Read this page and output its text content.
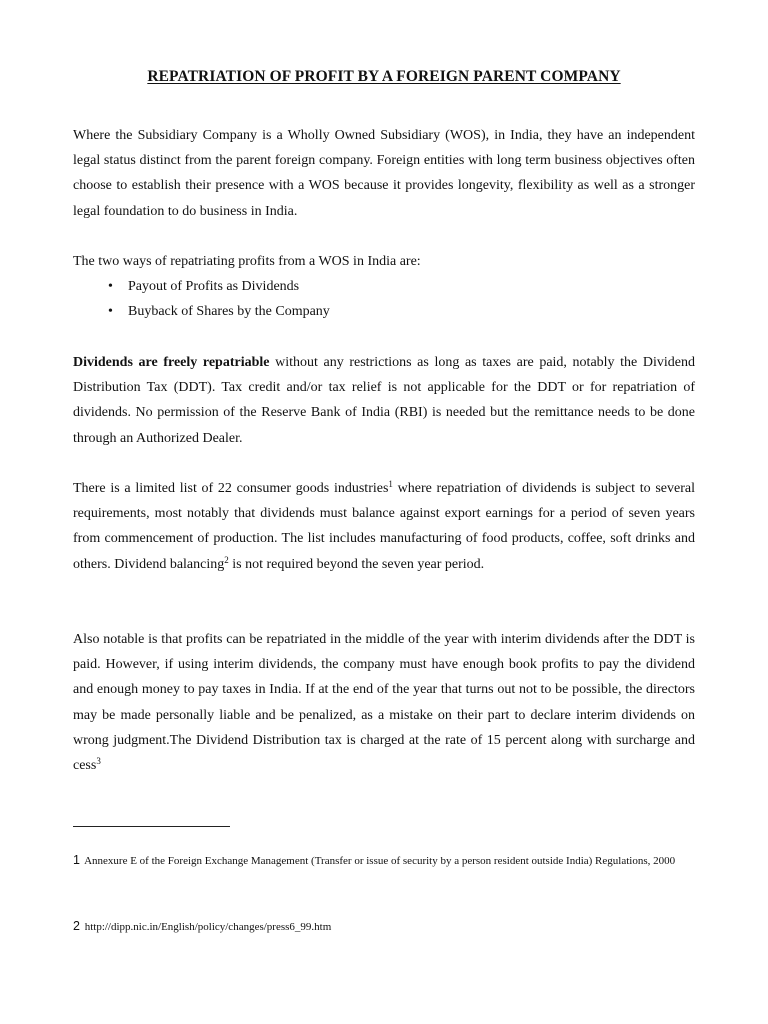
REPATRIATION OF PROFIT BY A FOREIGN PARENT COMPANY

Where the Subsidiary Company is a Wholly Owned Subsidiary (WOS), in India, they have an independent legal status distinct from the parent foreign company. Foreign entities with long term business objectives often choose to establish their presence with a WOS because it provides longevity, flexibility as well as a stronger legal foundation to do business in India.

The two ways of repatriating profits from a WOS in India are:

• Payout of Profits as Dividends
• Buyback of Shares by the Company

Dividends are freely repatriable without any restrictions as long as taxes are paid, notably the Dividend Distribution Tax (DDT). Tax credit and/or tax relief is not applicable for the DDT or for repatriation of dividends. No permission of the Reserve Bank of India (RBI) is needed but the remittance needs to be done through an Authorized Dealer.

There is a limited list of 22 consumer goods industries$^1$ where repatriation of dividends is subject to several requirements, most notably that dividends must balance against export earnings for a period of seven years from commencement of production. The list includes manufacturing of food products, coffee, soft drinks and others. Dividend balancing$^2$ is not required beyond the seven year period.

Also notable is that profits can be repatriated in the middle of the year with interim dividends after the DDT is paid. However, if using interim dividends, the company must have enough book profits to pay the dividend and enough money to pay taxes in India. If at the end of the year that turns out not to be possible, the directors may be made personally liable and be penalized, as a mistake on their part to declare interim dividends on wrong judgment.The Dividend Distribution tax is charged at the rate of 15 percent along with surcharge and cess$^3$

1 Annexure E of the Foreign Exchange Management (Transfer or issue of security by a person resident outside India) Regulations, 2000

2 http://dipp.nic.in/English/policy/changes/press6_99.htm
